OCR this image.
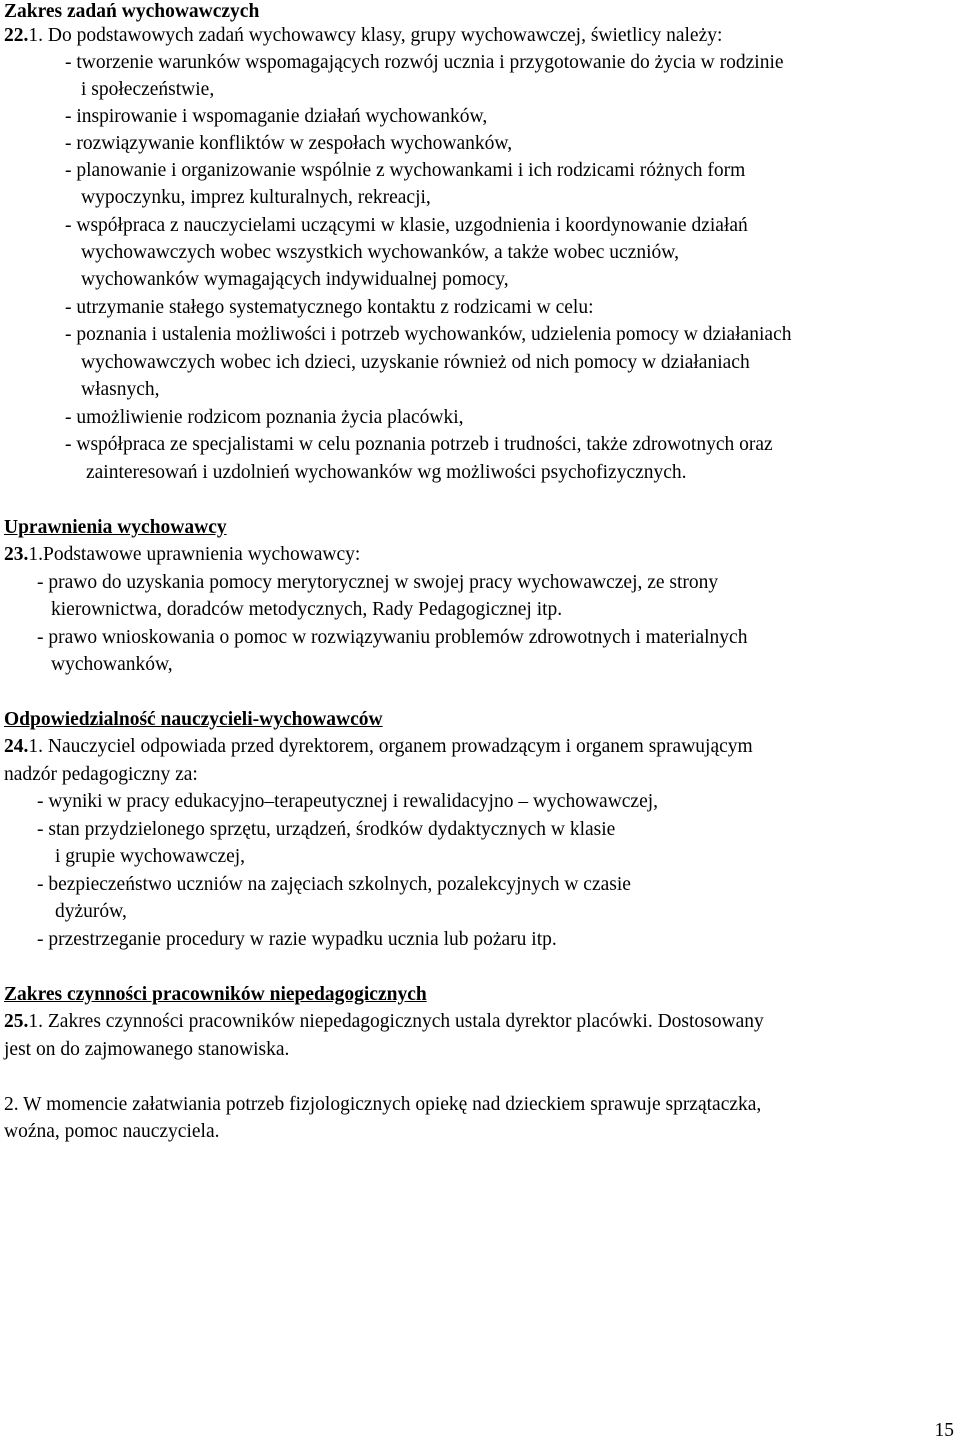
Zakres zadań wychowawczych
22.1. Do podstawowych zadań wychowawcy klasy, grupy wychowawczej, świetlicy należy:
- tworzenie warunków wspomagających rozwój ucznia i przygotowanie do życia w rodzinie
i społeczeństwie,
- inspirowanie i wspomaganie działań wychowanków,
- rozwiązywanie konfliktów w zespołach wychowanków,
- planowanie i organizowanie wspólnie z wychowankami i ich rodzicami różnych form
wypoczynku, imprez kulturalnych, rekreacji,
- współpraca z nauczycielami uczącymi w klasie, uzgodnienia i koordynowanie działań
wychowawczych wobec wszystkich wychowanków, a także wobec uczniów,
wychowanków wymagających indywidualnej pomocy,
- utrzymanie stałego systematycznego kontaktu z rodzicami w celu:
- poznania i ustalenia możliwości i potrzeb wychowanków, udzielenia pomocy w działaniach
wychowawczych wobec ich dzieci, uzyskanie również od nich pomocy w działaniach
własnych,
- umożliwienie rodzicom poznania życia placówki,
- współpraca ze specjalistami w celu poznania potrzeb i trudności, także zdrowotnych oraz
zainteresowań i uzdolnień wychowanków wg możliwości psychofizycznych.
Uprawnienia wychowawcy
23.1.Podstawowe uprawnienia wychowawcy:
- prawo do uzyskania pomocy merytorycznej w swojej pracy wychowawczej, ze strony
kierownictwa, doradców metodycznych, Rady Pedagogicznej itp.
- prawo wnioskowania o pomoc w rozwiązywaniu problemów zdrowotnych i materialnych
wychowanków,
Odpowiedzialność nauczycieli-wychowawców
24.1. Nauczyciel odpowiada przed dyrektorem, organem prowadzącym i organem sprawującym
nadzór pedagogiczny za:
- wyniki w pracy edukacyjno–terapeutycznej i rewalidacyjno – wychowawczej,
- stan przydzielonego sprzętu, urządzeń, środków dydaktycznych w klasie
i grupie wychowawczej,
- bezpieczeństwo uczniów na zajęciach szkolnych, pozalekcyjnych w czasie
dyżurów,
- przestrzeganie procedury w razie wypadku ucznia lub pożaru itp.
Zakres czynności pracowników niepedagogicznych
25.1. Zakres czynności pracowników niepedagogicznych ustala dyrektor placówki. Dostosowany
jest on do zajmowanego stanowiska.
2. W momencie załatwiania potrzeb fizjologicznych opiekę nad dzieckiem sprawuje sprzątaczka,
woźna, pomoc nauczyciela.
15
